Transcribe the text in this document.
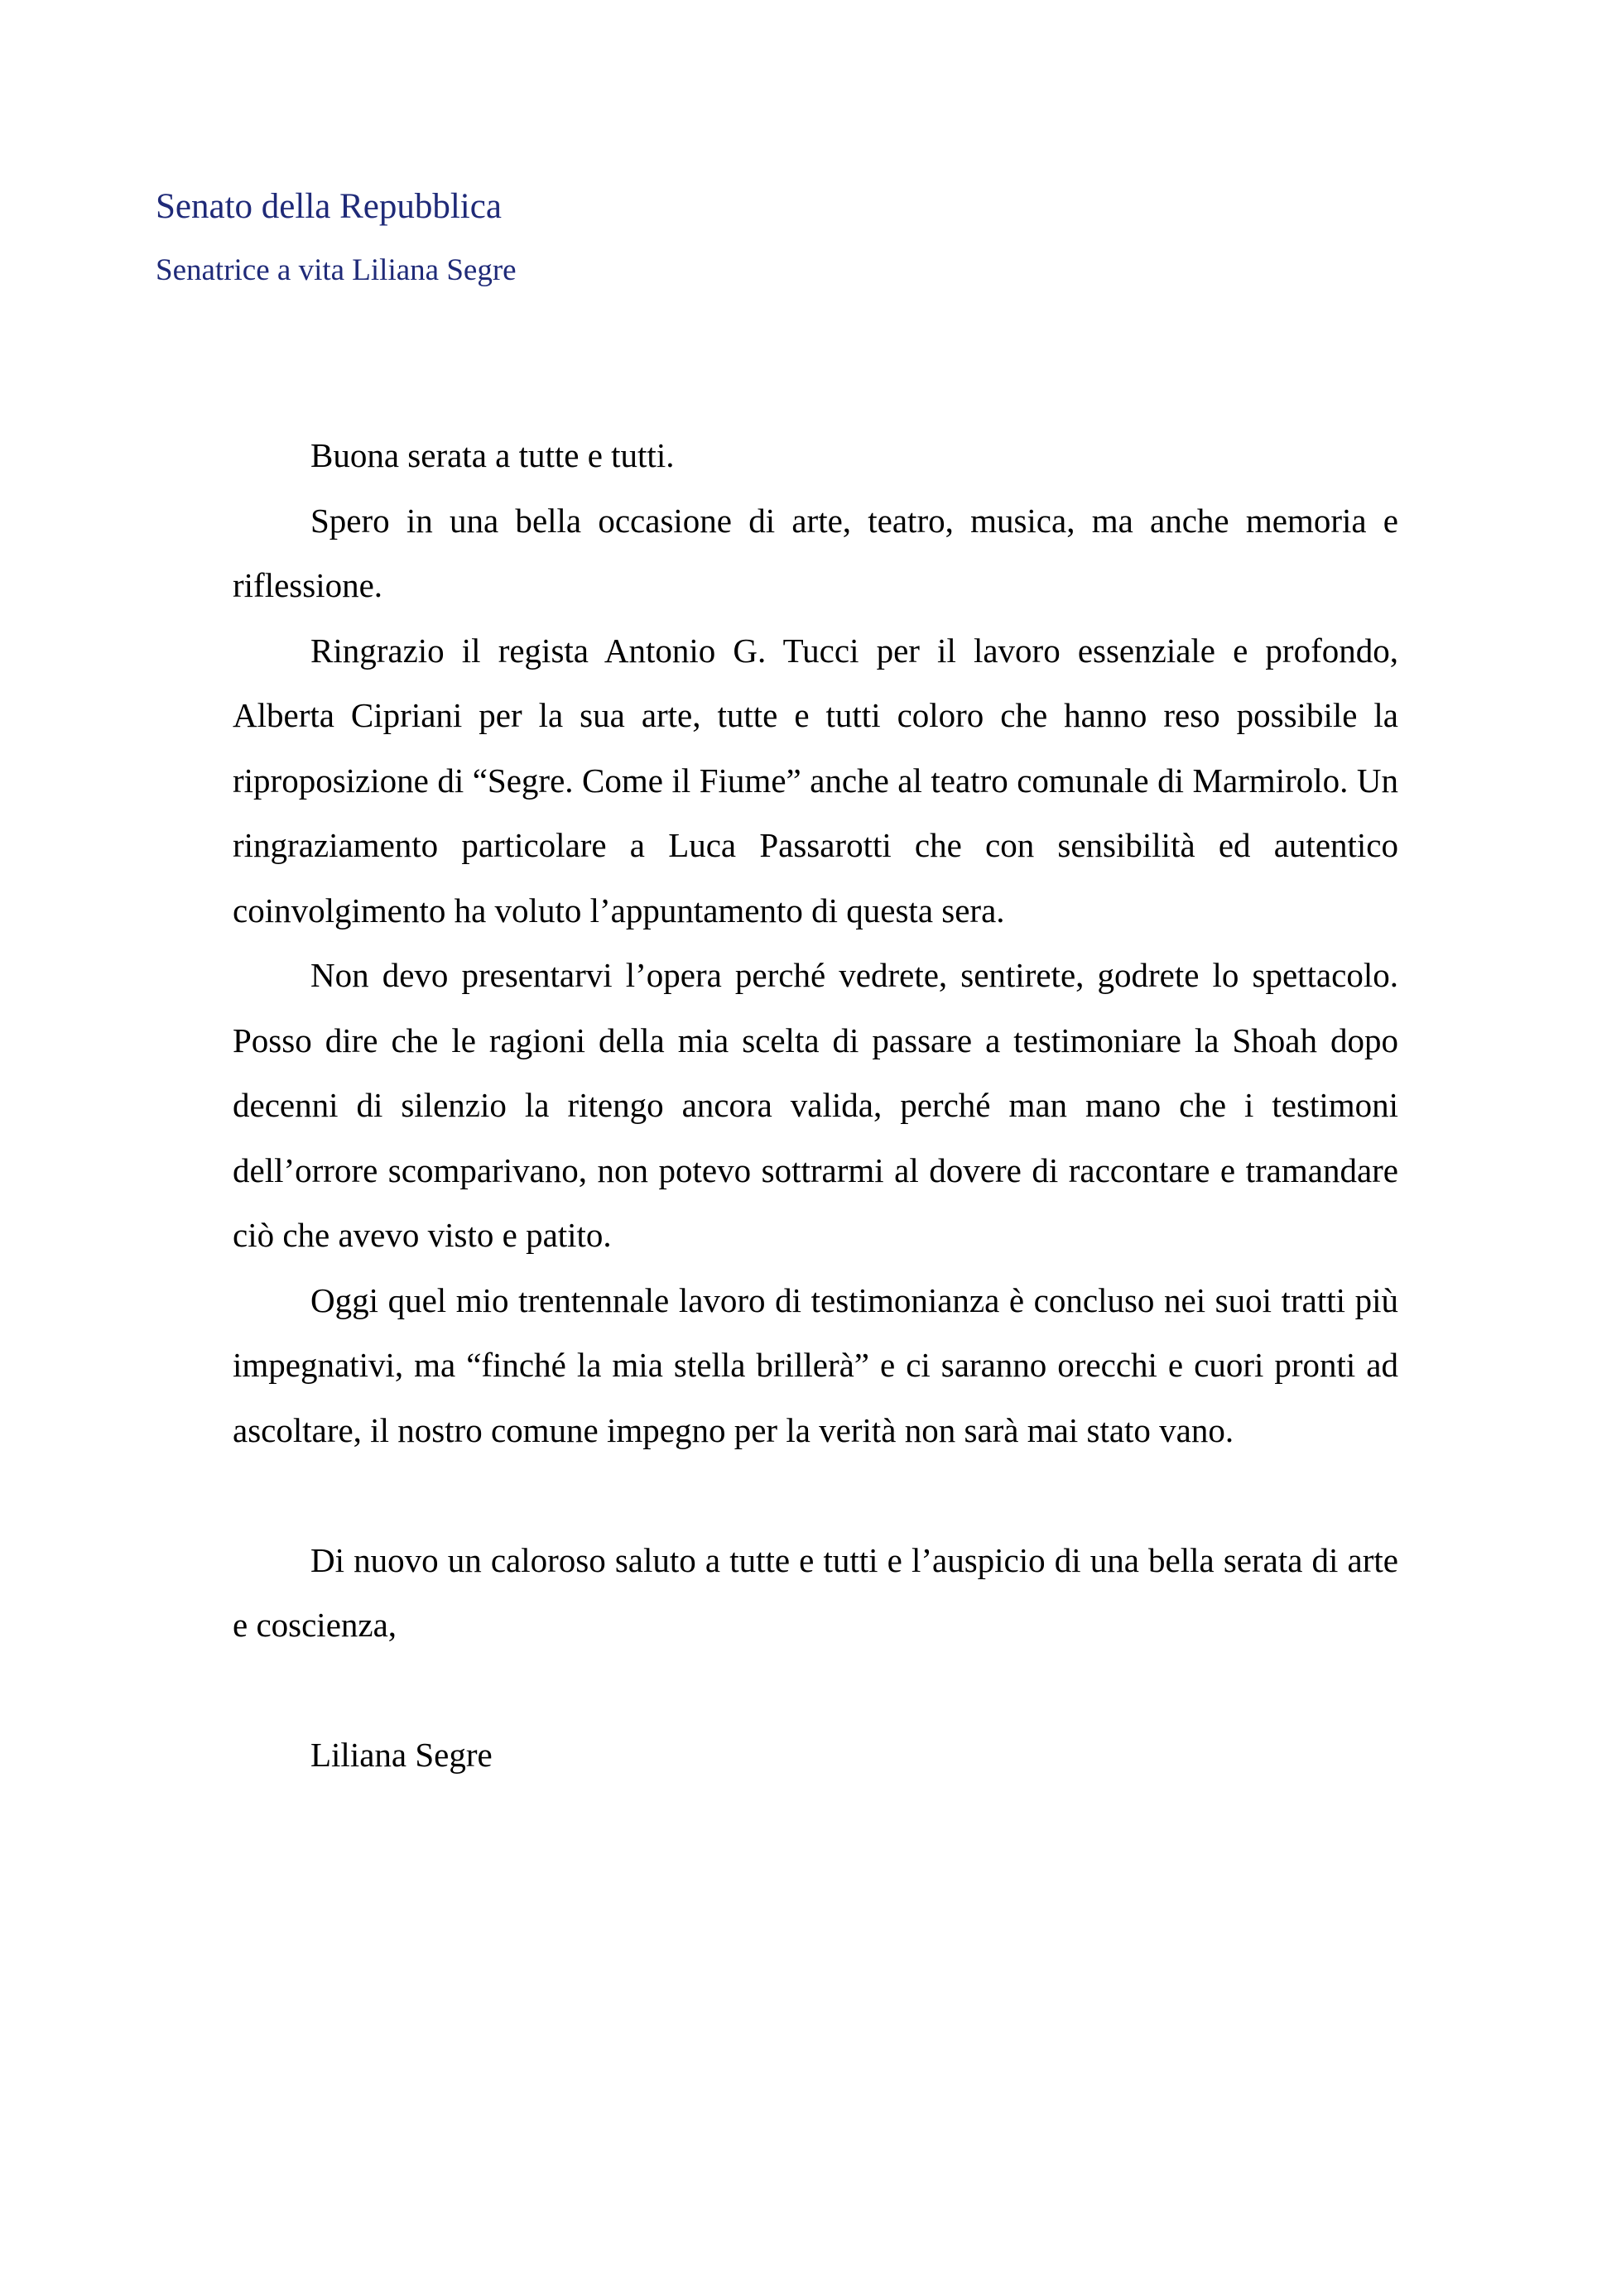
Senato della Repubblica

Senatrice a vita Liliana Segre

Buona serata a tutte e tutti.

Spero in una bella occasione di arte, teatro, musica, ma anche memoria e riflessione.

Ringrazio il regista Antonio G. Tucci per il lavoro essenziale e profondo, Alberta Cipriani per la sua arte, tutte e tutti coloro che hanno reso possibile la riproposizione di “Segre. Come il Fiume” anche al teatro comunale di Marmirolo. Un ringraziamento particolare a Luca Passarotti che con sensibilità ed autentico coinvolgimento ha voluto l’appuntamento di questa sera.

Non devo presentarvi l’opera perché vedrete, sentirete, godrete lo spettacolo. Posso dire che le ragioni della mia scelta di passare a testimoniare la Shoah dopo decenni di silenzio la ritengo ancora valida, perché man mano che i testimoni dell’orrore scomparivano, non potevo sottrarmi al dovere di raccontare e tramandare ciò che avevo visto e patito.

Oggi quel mio trentennale lavoro di testimonianza è concluso nei suoi tratti più impegnativi, ma “finché la mia stella brillerà” e ci saranno orecchi e cuori pronti ad ascoltare, il nostro comune impegno per la verità non sarà mai stato vano.

Di nuovo un caloroso saluto a tutte e tutti e l’auspicio di una bella serata di arte e coscienza,

Liliana Segre
